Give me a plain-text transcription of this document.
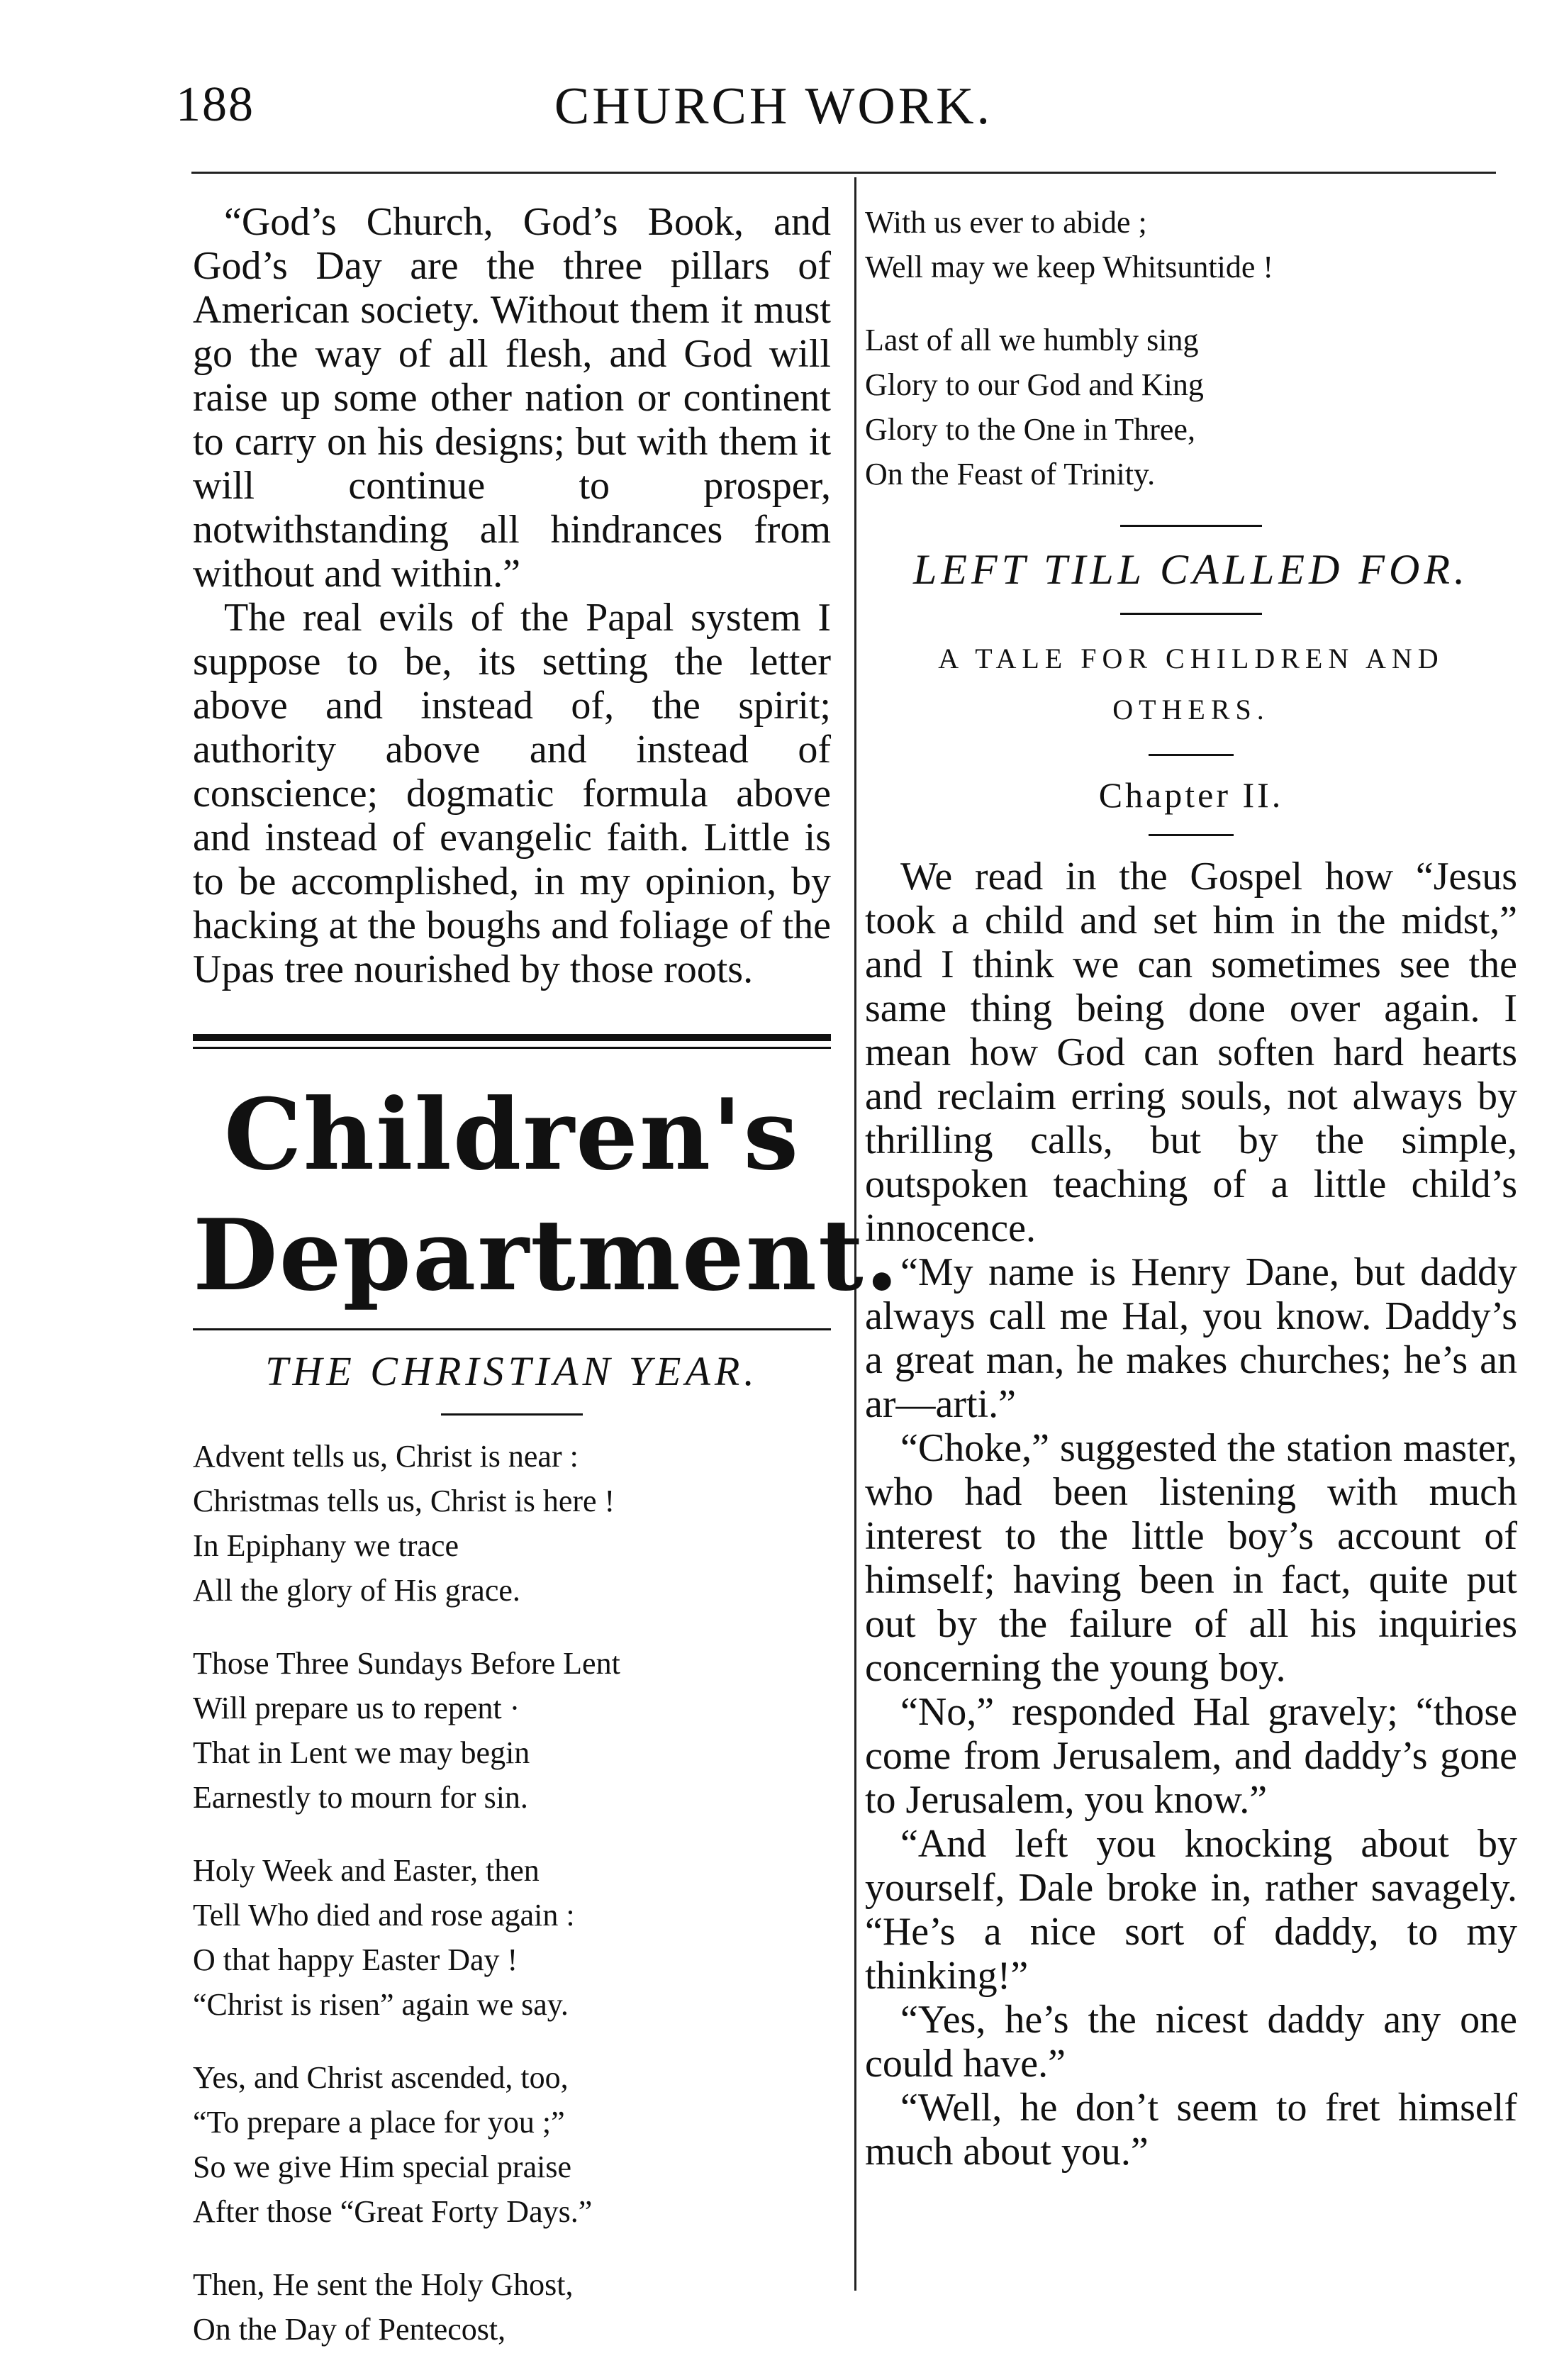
188	CHURCH WORK.

“God’s Church, God’s Book, and God’s Day are the three pillars of American society. Without them it must go the way of all flesh, and God will raise up some other nation or continent to carry on his designs; but with them it will continue to prosper, notwithstanding all hindrances from without and within.”

The real evils of the Papal system I suppose to be, its setting the letter above and instead of, the spirit; authority above and instead of conscience; dogmatic formula above and instead of evangelic faith. Little is to be accomplished, in my opinion, by hacking at the boughs and foliage of the Upas tree nourished by those roots.

Children's Department.
THE CHRISTIAN YEAR.
Advent tells us, Christ is near :
Christmas tells us, Christ is here !
In Epiphany we trace
All the glory of His grace.
Those Three Sundays Before Lent
Will prepare us to repent ·
That in Lent we may begin
Earnestly to mourn for sin.
Holy Week and Easter, then
Tell Who died and rose again :
O that happy Easter Day !
“Christ is risen” again we say.
Yes, and Christ ascended, too,
“To prepare a place for you ;”
So we give Him special praise
After those “Great Forty Days.”
Then, He sent the Holy Ghost,
On the Day of Pentecost,
With us ever to abide ;
Well may we keep Whitsuntide !
Last of all we humbly sing
Glory to our God and King
Glory to the One in Three,
On the Feast of Trinity.
LEFT TILL CALLED FOR.
A TALE FOR CHILDREN AND
OTHERS.
Chapter II.

We read in the Gospel how “Jesus took a child and set him in the midst,” and I think we can sometimes see the same thing being done over again. I mean how God can soften hard hearts and reclaim erring souls, not always by thrilling calls, but by the simple, outspoken teaching of a little child’s innocence.

“My name is Henry Dane, but daddy always call me Hal, you know. Daddy’s a great man, he makes churches; he’s an ar—arti.”

“Choke,” suggested the station master, who had been listening with much interest to the little boy’s account of himself; having been in fact, quite put out by the failure of all his inquiries concerning the young boy.

“No,” responded Hal gravely; “those come from Jerusalem, and daddy’s gone to Jerusalem, you know.”

“And left you knocking about by yourself, Dale broke in, rather savagely. “He’s a nice sort of daddy, to my thinking!”

“Yes, he’s the nicest daddy any one could have.”

“Well, he don’t seem to fret himself much about you.”
